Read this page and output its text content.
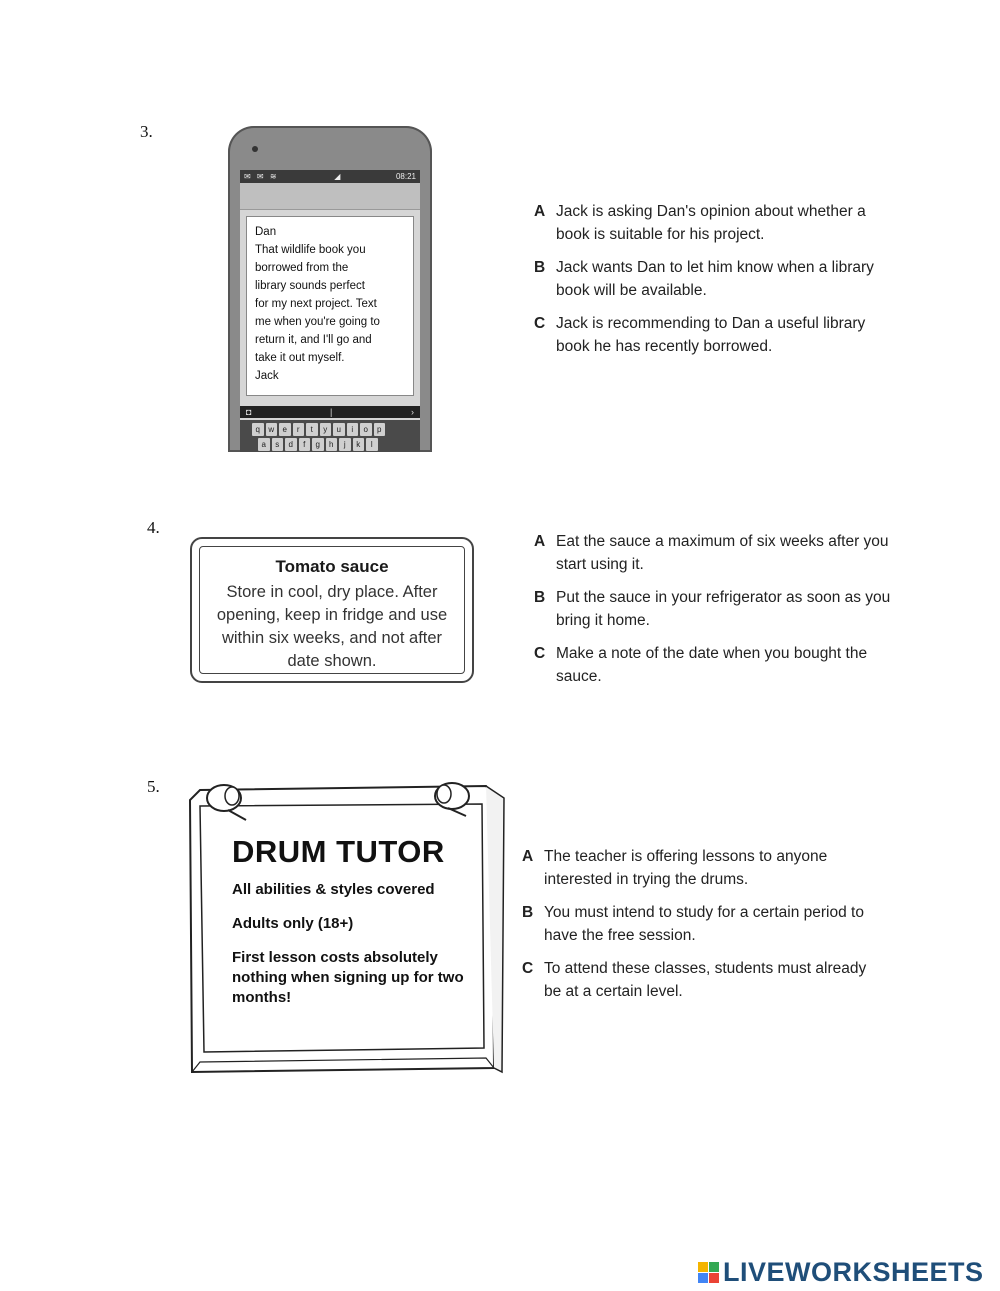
3.
✉ ✉ ≋	◢	08:21
Dan
That wildlife book you
borrowed from the
library sounds perfect
for my next project. Text
me when you're going to
return it, and I'll go and
take it out myself.
Jack
◘	|	›
q	w	e	r	t	y	u	i	o	p
a	s	d	f	g	h	j	k	l
A Jack is asking Dan's opinion about whether a book is suitable for his project.
B Jack wants Dan to let him know when a library book will be available.
C Jack is recommending to Dan a useful library book he has recently borrowed.
4.
Tomato sauce
Store in cool, dry place. After opening, keep in fridge and use within six weeks, and not after date shown.
A Eat the sauce a maximum of six weeks after you start using it.
B Put the sauce in your refrigerator as soon as you bring it home.
C Make a note of the date when you bought the sauce.
5.
DRUM TUTOR
All abilities & styles covered
Adults only (18+)
First lesson costs absolutely nothing when signing up for two months!
A The teacher is offering lessons to anyone interested in trying the drums.
B You must intend to study for a certain period to have the free session.
C To attend these classes, students must already be at a certain level.
LIVEWORKSHEETS
